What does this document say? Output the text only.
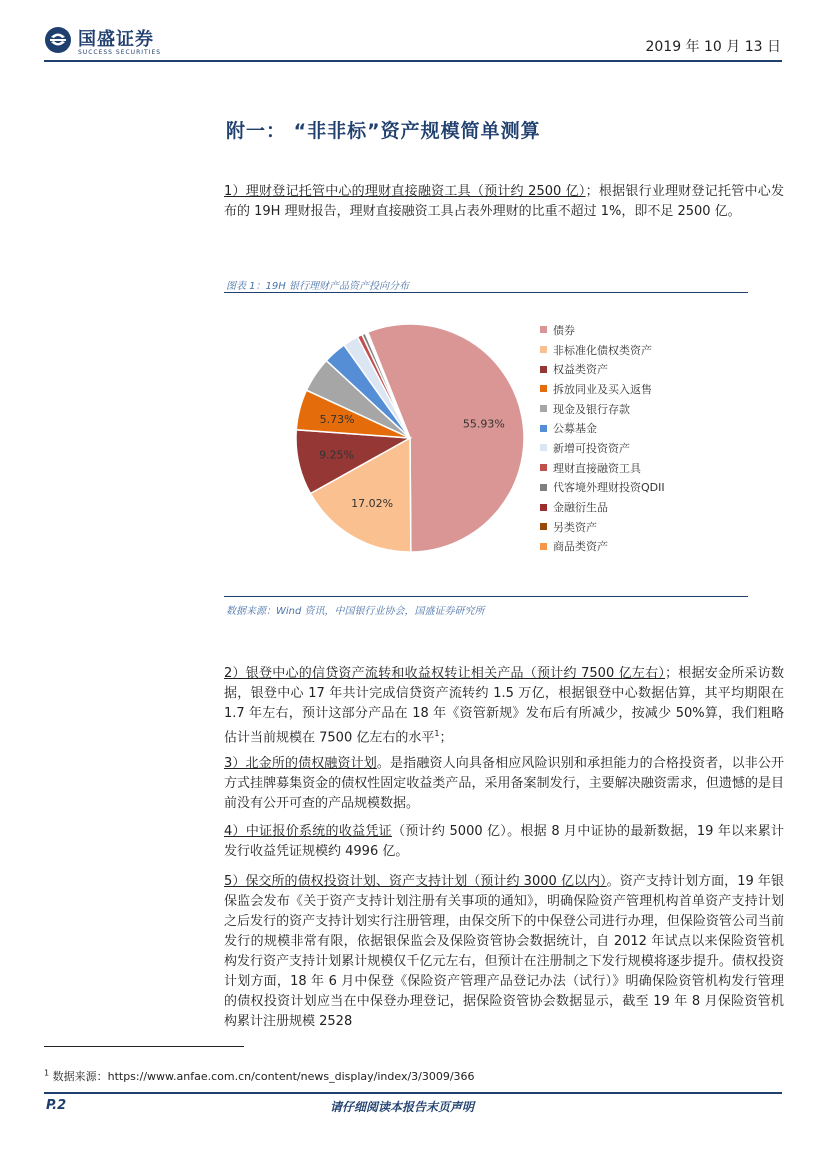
国盛证券
SUCCESS SECURITIES	2019 年 10 月 13 日
附一： “非非标”资产规模简单测算
1）理财登记托管中心的理财直接融资工具（预计约 2500 亿）；根据银行业理财登记托管中心发布的 19H 理财报告，理财直接融资工具占表外理财的比重不超过 1%，即不足 2500 亿。
图表 1：19H 银行理财产品资产投向分布
55.93%
17.02%
9.25%
5.73%
债券
非标准化债权类资产
权益类资产
拆放同业及买入返售
现金及银行存款
公募基金
新增可投资资产
理财直接融资工具
代客境外理财投资QDII
金融衍生品
另类资产
商品类资产
数据来源：Wind 资讯，中国银行业协会，国盛证券研究所
2）银登中心的信贷资产流转和收益权转让相关产品（预计约 7500 亿左右）；根据安金所采访数据，银登中心 17 年共计完成信贷资产流转约 1.5 万亿，根据银登中心数据估算，其平均期限在 1.7 年左右，预计这部分产品在 18 年《资管新规》发布后有所减少，按减少 50%算，我们粗略估计当前规模在 7500 亿左右的水平$^1$；
3）北金所的债权融资计划。是指融资人向具备相应风险识别和承担能力的合格投资者，以非公开方式挂牌募集资金的债权性固定收益类产品，采用备案制发行，主要解决融资需求，但遗憾的是目前没有公开可查的产品规模数据。
4）中证报价系统的收益凭证（预计约 5000 亿）。根据 8 月中证协的最新数据，19 年以来累计发行收益凭证规模约 4996 亿。
5）保交所的债权投资计划、资产支持计划（预计约 3000 亿以内）。资产支持计划方面，19 年银保监会发布《关于资产支持计划注册有关事项的通知》，明确保险资产管理机构首单资产支持计划之后发行的资产支持计划实行注册管理，由保交所下的中保登公司进行办理，但保险资管公司当前发行的规模非常有限，依据银保监会及保险资管协会数据统计，自 2012 年试点以来保险资管机构发行资产支持计划累计规模仅千亿元左右，但预计在注册制之下发行规模将逐步提升。债权投资计划方面，18 年 6 月中保登《保险资产管理产品登记办法（试行）》明确保险资管机构发行管理的债权投资计划应当在中保登办理登记，据保险资管协会数据显示，截至 19 年 8 月保险资管机构累计注册规模 2528
$^1$ 数据来源：https://www.anfae.com.cn/content/news_display/index/3/3009/366
P.2	请仔细阅读本报告末页声明
